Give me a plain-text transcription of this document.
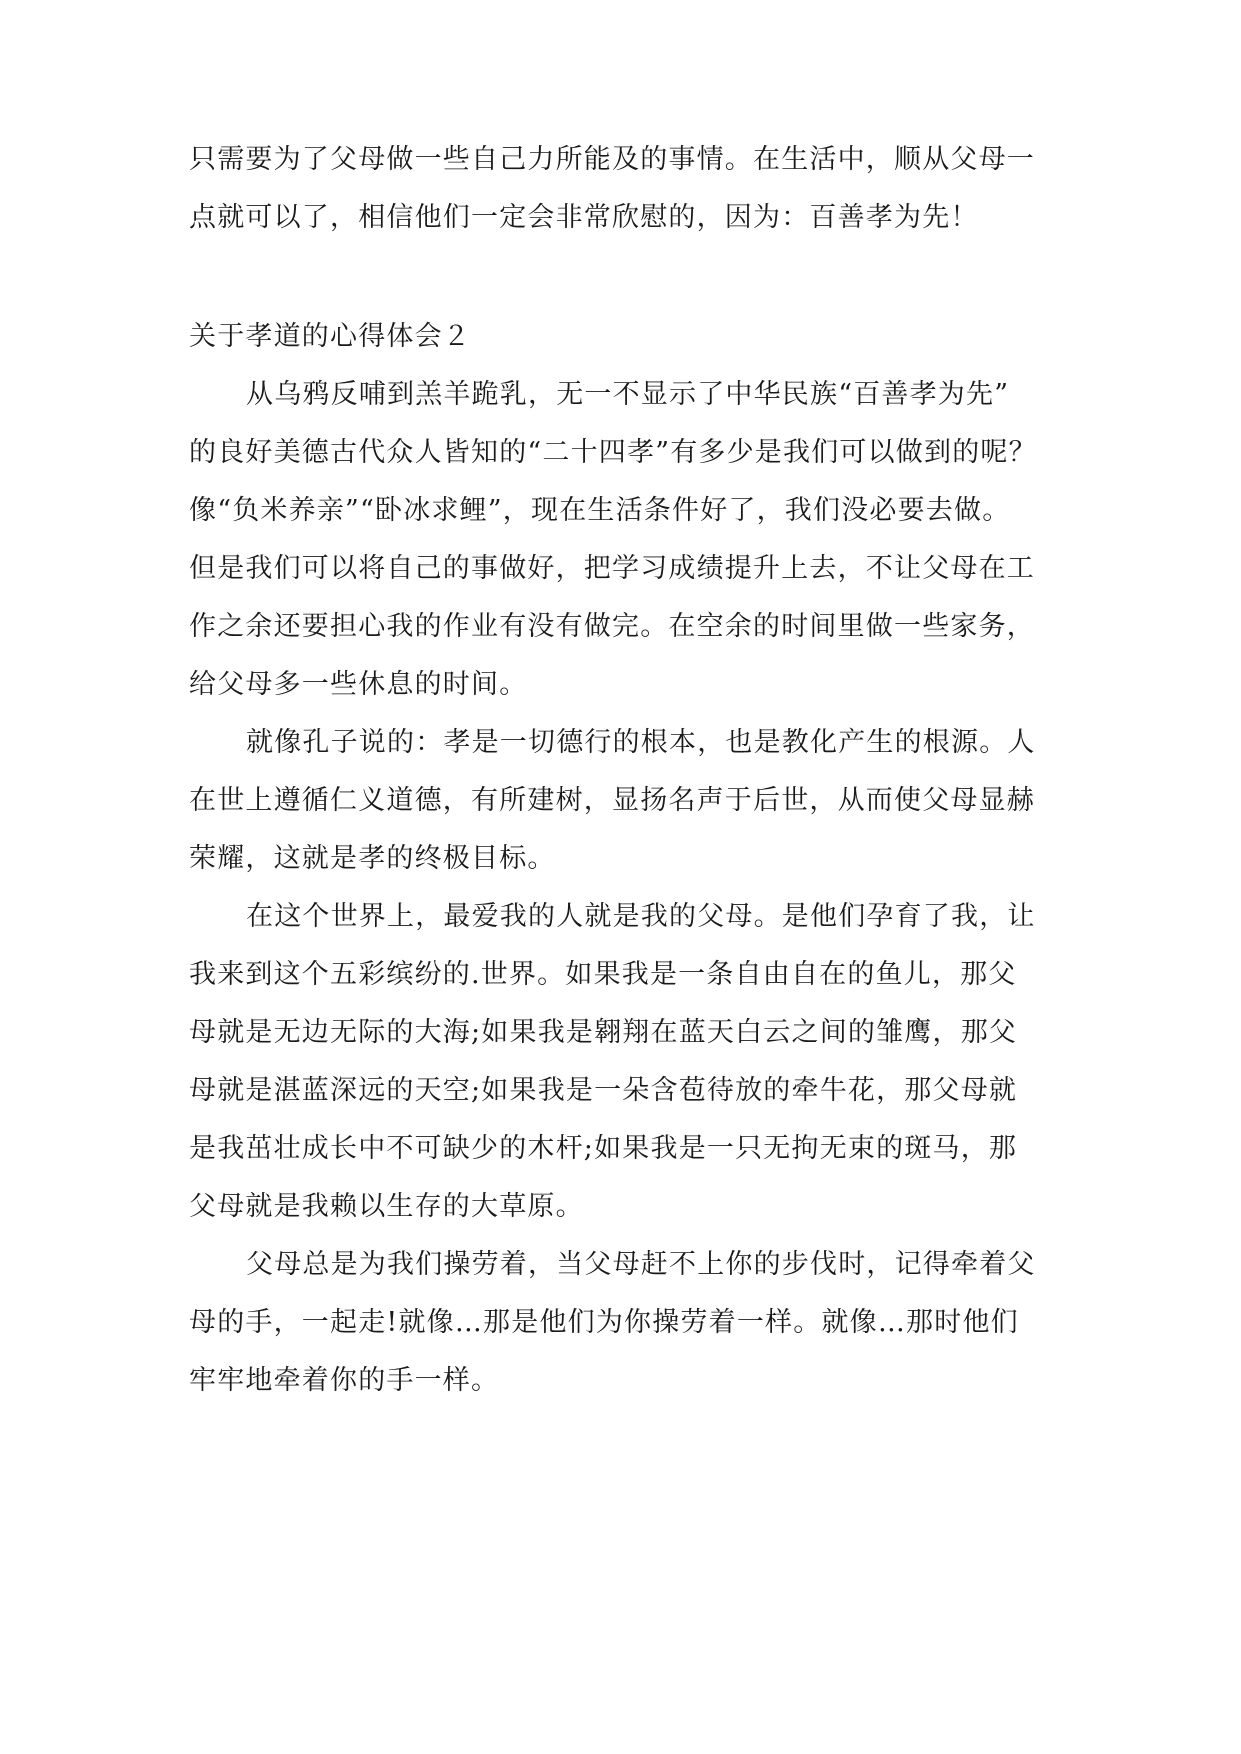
只需要为了父母做一些自己力所能及的事情。在生活中，顺从父母一
点就可以了，相信他们一定会非常欣慰的，因为：百善孝为先！
关于孝道的心得体会２
从乌鸦反哺到羔羊跪乳，无一不显示了中华民族“百善孝为先”
的良好美德古代众人皆知的“二十四孝”有多少是我们可以做到的呢？
像“负米养亲”“卧冰求鲤”，现在生活条件好了，我们没必要去做。
但是我们可以将自己的事做好，把学习成绩提升上去，不让父母在工
作之余还要担心我的作业有没有做完。在空余的时间里做一些家务，
给父母多一些休息的时间。
就像孔子说的：孝是一切德行的根本，也是教化产生的根源。人
在世上遵循仁义道德，有所建树，显扬名声于后世，从而使父母显赫
荣耀，这就是孝的终极目标。
在这个世界上，最爱我的人就是我的父母。是他们孕育了我，让
我来到这个五彩缤纷的.世界。如果我是一条自由自在的鱼儿，那父
母就是无边无际的大海;如果我是翱翔在蓝天白云之间的雏鹰，那父
母就是湛蓝深远的天空;如果我是一朵含苞待放的牵牛花，那父母就
是我茁壮成长中不可缺少的木杆;如果我是一只无拘无束的斑马，那
父母就是我赖以生存的大草原。
父母总是为我们操劳着，当父母赶不上你的步伐时，记得牵着父
母的手，一起走!就像…那是他们为你操劳着一样。就像…那时他们
牢牢地牵着你的手一样。
